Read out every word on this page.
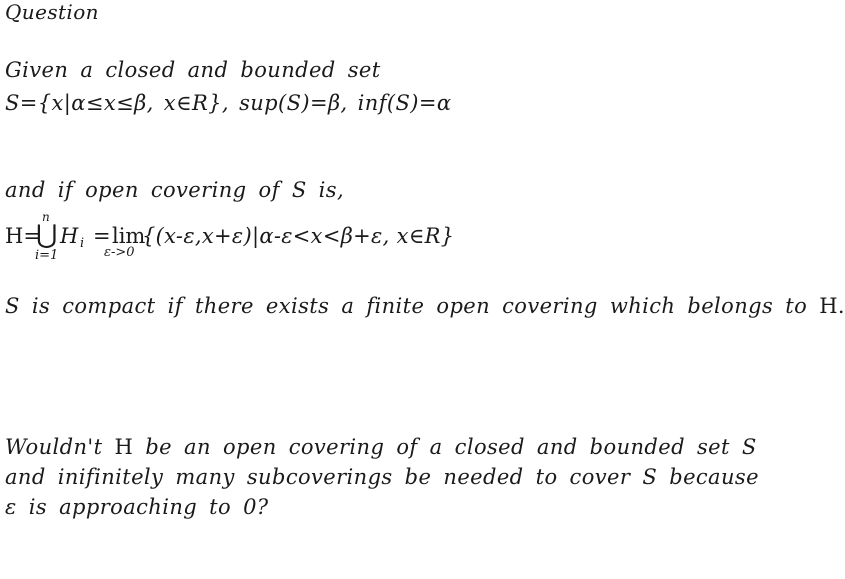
Question
Given a closed and bounded set
S={x|α≤x≤β, x∈R}, sup(S)=β, inf(S)=α
and if open covering of S is,
H=
⋃
n
i=1
H i = lim
ε->0
{(x-ε,x+ε)|α-ε<x<β+ε, x∈R}
S is compact if there exists a finite open covering which belongs to H.
Wouldn't H be an open covering of a closed and bounded set S
and inifinitely many subcoverings be needed to cover S because
ε is approaching to 0?
